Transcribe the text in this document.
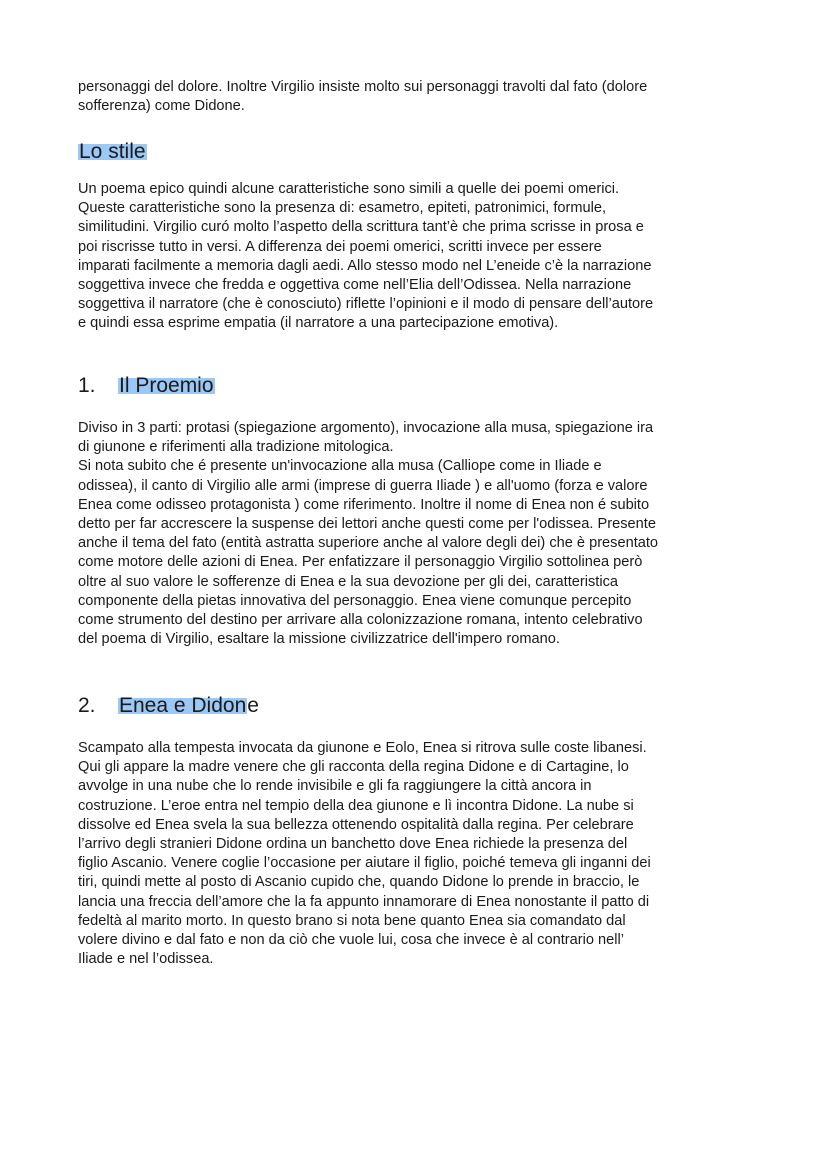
personaggi del dolore. Inoltre Virgilio insiste molto sui personaggi travolti dal fato (dolore
sofferenza) come Didone.

Lo stile

Un poema epico quindi alcune caratteristiche sono simili a quelle dei poemi omerici.
Queste caratteristiche sono la presenza di: esametro, epiteti, patronimici, formule,
similitudini. Virgilio curó molto l’aspetto della scrittura tant’è che prima scrisse in prosa e
poi riscrisse tutto in versi. A differenza dei poemi omerici, scritti invece per essere
imparati facilmente a memoria dagli aedi. Allo stesso modo nel L’eneide c’è la narrazione
soggettiva invece che fredda e oggettiva come nell’Elia dell’Odissea. Nella narrazione
soggettiva il narratore (che è conosciuto) riflette l’opinioni e il modo di pensare dell’autore
e quindi essa esprime empatia (il narratore a una partecipazione emotiva).

1. Il Proemio

Diviso in 3 parti: protasi (spiegazione argomento), invocazione alla musa, spiegazione ira
di giunone e riferimenti alla tradizione mitologica.
Si nota subito che é presente un'invocazione alla musa (Calliope come in Iliade e
odissea), il canto di Virgilio alle armi (imprese di guerra Iliade ) e all'uomo (forza e valore
Enea come odisseo protagonista ) come riferimento. Inoltre il nome di Enea non é subito
detto per far accrescere la suspense dei lettori anche questi come per l'odissea. Presente
anche il tema del fato (entità astratta superiore anche al valore degli dei) che è presentato
come motore delle azioni di Enea. Per enfatizzare il personaggio Virgilio sottolinea però
oltre al suo valore le sofferenze di Enea e la sua devozione per gli dei, caratteristica
componente della pietas innovativa del personaggio. Enea viene comunque percepito
come strumento del destino per arrivare alla colonizzazione romana, intento celebrativo
del poema di Virgilio, esaltare la missione civilizzatrice dell'impero romano.

2. Enea e Didone

Scampato alla tempesta invocata da giunone e Eolo, Enea si ritrova sulle coste libanesi.
Qui gli appare la madre venere che gli racconta della regina Didone e di Cartagine, lo
avvolge in una nube che lo rende invisibile e gli fa raggiungere la città ancora in
costruzione. L’eroe entra nel tempio della dea giunone e lì incontra Didone. La nube si
dissolve ed Enea svela la sua bellezza ottenendo ospitalità dalla regina. Per celebrare
l’arrivo degli stranieri Didone ordina un banchetto dove Enea richiede la presenza del
figlio Ascanio. Venere coglie l’occasione per aiutare il figlio, poiché temeva gli inganni dei
tiri, quindi mette al posto di Ascanio cupido che, quando Didone lo prende in braccio, le
lancia una freccia dell’amore che la fa appunto innamorare di Enea nonostante il patto di
fedeltà al marito morto. In questo brano si nota bene quanto Enea sia comandato dal
volere divino e dal fato e non da ciò che vuole lui, cosa che invece è al contrario nell’
Iliade e nel l’odissea.
